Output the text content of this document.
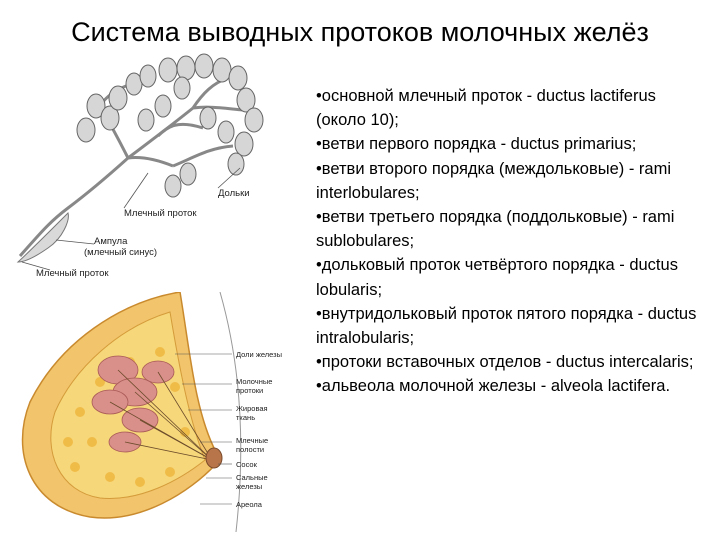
Система выводных протоков молочных желёз
Дольки
Млечный проток
Ампула
(млечный синус)
Млечный проток
Доли железы
Молочные
протоки
Жировая
ткань
Млечные
полости
Сосок
Сальные
железы
Ареола

•основной млечный проток - ductus lactiferus (около 10);

•ветви первого порядка - ductus primarius;

•ветви второго порядка (междольковые) - rami interlobulares;

•ветви третьего порядка (поддольковые) - rami sublobulares;

•дольковый проток четвёртого порядка - ductus lobularis;

•внутридольковый проток пятого порядка - ductus intralobularis;

•протоки вставочных отделов - ductus intercalaris;

•альвеола молочной железы - alveola lactifera.
